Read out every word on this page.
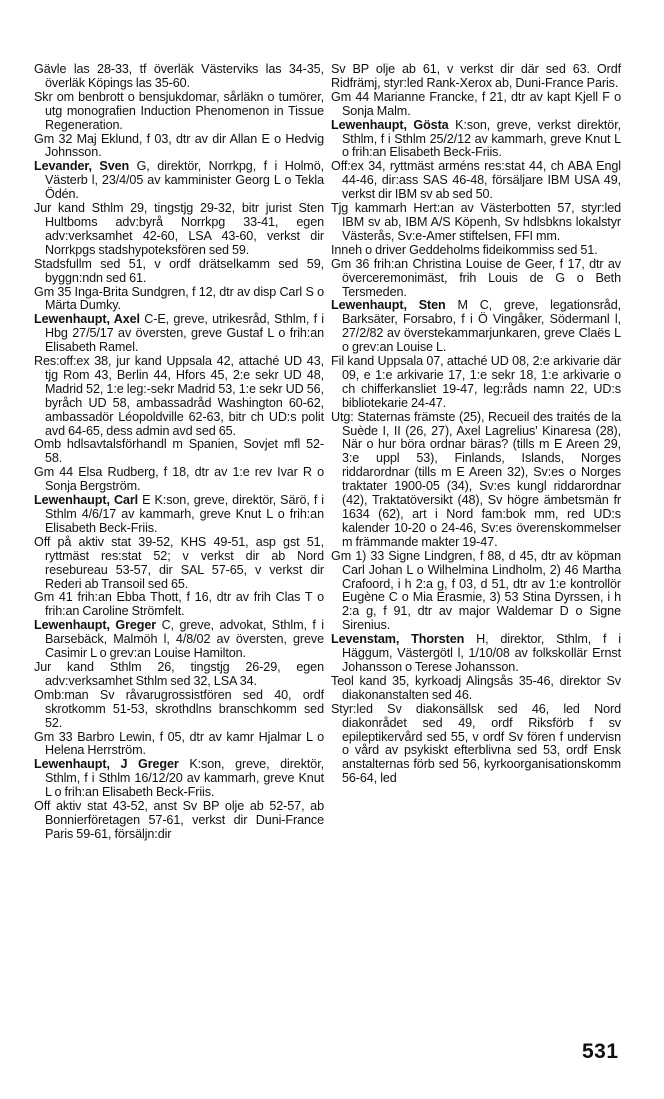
Gävle las 28-33, tf överläk Västerviks las 34-35, överläk Köpings las 35-60.

Skr om benbrott o bensjukdomar, sårläkn o tumörer, utg monografien Induction Phenomenon in Tissue Regeneration.

Gm 32 Maj Eklund, f 03, dtr av dir Allan E o Hedvig Johnsson.

Levander, Sven G, direktör, Norrkpg, f i Holmö, Västerb l, 23/4/05 av kamminister Georg L o Tekla Ödén.

Jur kand Sthlm 29, tingstjg 29-32, bitr jurist Sten Hultboms adv:byrå Norrkpg 33-41, egen adv:verksamhet 42-60, LSA 43-60, verkst dir Norrkpgs stadshypoteksfören sed 59.

Stadsfullm sed 51, v ordf drätselkamm sed 59, byggn:ndn sed 61.

Gm 35 Inga-Brita Sundgren, f 12, dtr av disp Carl S o Märta Dumky.

Lewenhaupt, Axel C-E, greve, utrikesråd, Sthlm, f i Hbg 27/5/17 av översten, greve Gustaf L o frih:an Elisabeth Ramel.

Res:off:ex 38, jur kand Uppsala 42, attaché UD 43, tjg Rom 43, Berlin 44, Hfors 45, 2:e sekr UD 48, Madrid 52, 1:e leg:-sekr Madrid 53, 1:e sekr UD 56, byråch UD 58, ambassadråd Washington 60-62, ambassadör Léopoldville 62-63, bitr ch UD:s polit avd 64-65, dess admin avd sed 65.

Omb hdlsavtalsförhandl m Spanien, Sovjet mfl 52-58.

Gm 44 Elsa Rudberg, f 18, dtr av 1:e rev Ivar R o Sonja Bergström.

Lewenhaupt, Carl E K:son, greve, direktör, Särö, f i Sthlm 4/6/17 av kammarh, greve Knut L o frih:an Elisabeth Beck-Friis.

Off på aktiv stat 39-52, KHS 49-51, asp gst 51, ryttmäst res:stat 52; v verkst dir ab Nord resebureau 53-57, dir SAL 57-65, v verkst dir Rederi ab Transoil sed 65.

Gm 41 frih:an Ebba Thott, f 16, dtr av frih Clas T o frih:an Caroline Strömfelt.

Lewenhaupt, Greger C, greve, advokat, Sthlm, f i Barsebäck, Malmöh l, 4/8/02 av översten, greve Casimir L o grev:an Louise Hamilton.

Jur kand Sthlm 26, tingstjg 26-29, egen adv:verksamhet Sthlm sed 32, LSA 34.

Omb:man Sv råvarugrossistfören sed 40, ordf skrotkomm 51-53, skrothdlns branschkomm sed 52.

Gm 33 Barbro Lewin, f 05, dtr av kamr Hjalmar L o Helena Herrström.

Lewenhaupt, J Greger K:son, greve, direktör, Sthlm, f i Sthlm 16/12/20 av kammarh, greve Knut L o frih:an Elisabeth Beck-Friis.

Off aktiv stat 43-52, anst Sv BP olje ab 52-57, ab Bonnierföretagen 57-61, verkst dir Duni-France Paris 59-61, försäljn:dir

Sv BP olje ab 61, v verkst dir där sed 63. Ordf Ridfrämj, styr:led Rank-Xerox ab, Duni-France Paris.

Gm 44 Marianne Francke, f 21, dtr av kapt Kjell F o Sonja Malm.

Lewenhaupt, Gösta K:son, greve, verkst direktör, Sthlm, f i Sthlm 25/2/12 av kammarh, greve Knut L o frih:an Elisabeth Beck-Friis.

Off:ex 34, ryttmäst arméns res:stat 44, ch ABA Engl 44-46, dir:ass SAS 46-48, försäljare IBM USA 49, verkst dir IBM sv ab sed 50.

Tjg kammarh Hert:an av Västerbotten 57, styr:led IBM sv ab, IBM A/S Köpenh, Sv hdlsbkns lokalstyr Västerås, Sv:e-Amer stiftelsen, FFI mm.

Inneh o driver Geddeholms fideikommiss sed 51.

Gm 36 frih:an Christina Louise de Geer, f 17, dtr av överceremonimäst, frih Louis de G o Beth Tersmeden.

Lewenhaupt, Sten M C, greve, legationsråd, Barksäter, Forsabro, f i Ö Vingåker, Södermanl l, 27/2/82 av överstekammarjunkaren, greve Claës L o grev:an Louise L.

Fil kand Uppsala 07, attaché UD 08, 2:e arkivarie där 09, e 1:e arkivarie 17, 1:e sekr 18, 1:e arkivarie o ch chifferkansliet 19-47, leg:råds namn 22, UD:s bibliotekarie 24-47.

Utg: Staternas främste (25), Recueil des traités de la Suède I, II (26, 27), Axel Lagrelius' Kinaresa (28), När o hur böra ordnar bäras? (tills m E Areen 29, 3:e uppl 53), Finlands, Islands, Norges riddarordnar (tills m E Areen 32), Sv:es o Norges traktater 1900-05 (34), Sv:es kungl riddarordnar (42), Traktatöversikt (48), Sv högre ämbetsmän fr 1634 (62), art i Nord fam:bok mm, red UD:s kalender 10-20 o 24-46, Sv:es överenskommelser m främmande makter 19-47.

Gm 1) 33 Signe Lindgren, f 88, d 45, dtr av köpman Carl Johan L o Wilhelmina Lindholm, 2) 46 Martha Crafoord, i h 2:a g, f 03, d 51, dtr av 1:e kontrollör Eugène C o Mia Erasmie, 3) 53 Stina Dyrssen, i h 2:a g, f 91, dtr av major Waldemar D o Signe Sirenius.

Levenstam, Thorsten H, direktor, Sthlm, f i Häggum, Västergötl l, 1/10/08 av folkskollär Ernst Johansson o Terese Johansson.

Teol kand 35, kyrkoadj Alingsås 35-46, direktor Sv diakonanstalten sed 46.

Styr:led Sv diakonsällsk sed 46, led Nord diakonrådet sed 49, ordf Riksförb f sv epileptikervård sed 55, v ordf Sv fören f undervisn o vård av psykiskt efterblivna sed 53, ordf Ensk anstalternas förb sed 56, kyrkoorganisationskomm 56-64, led

531
